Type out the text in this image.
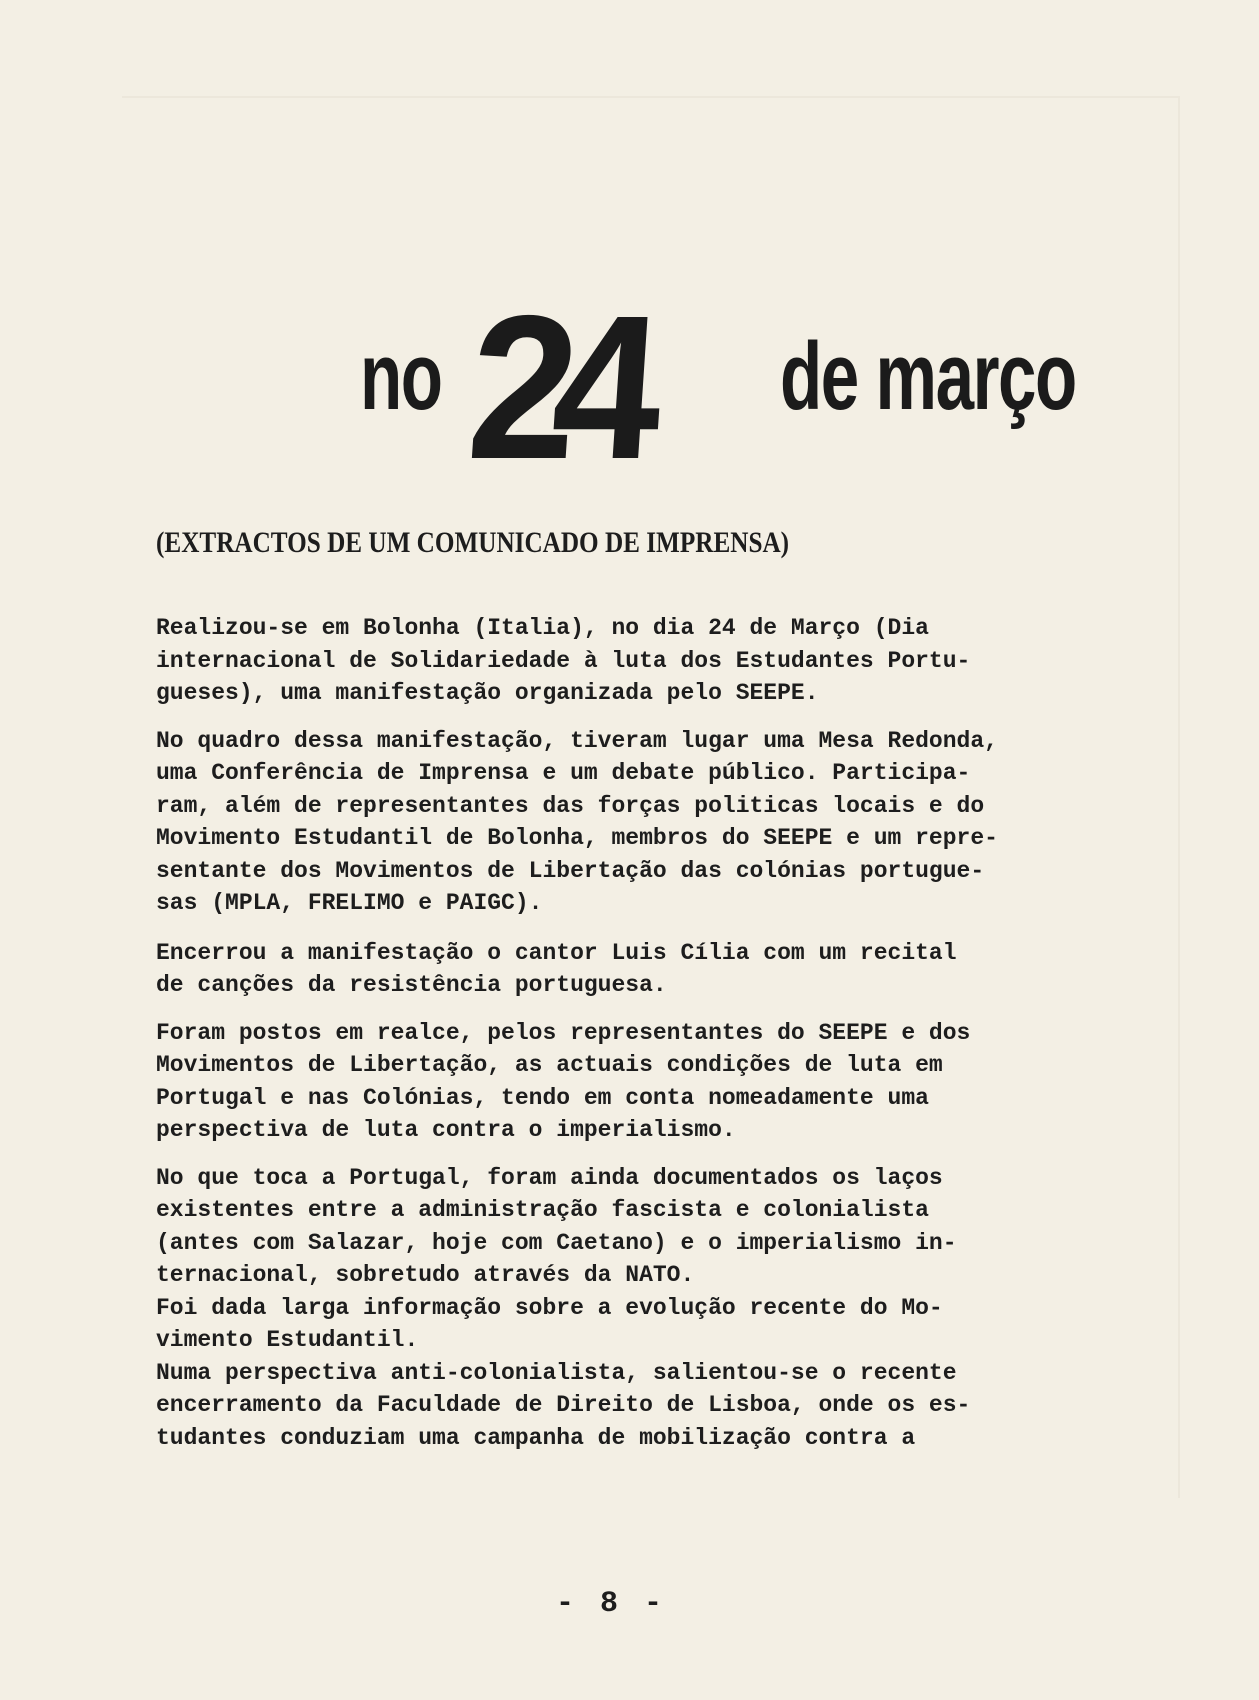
no 24 de março
(EXTRACTOS DE UM COMUNICADO DE IMPRENSA)

Realizou-se em Bolonha (Italia), no dia 24 de Março (Dia
internacional de Solidariedade à luta dos Estudantes Portu-
gueses), uma manifestação organizada pelo SEEPE.

No quadro dessa manifestação, tiveram lugar uma Mesa Redonda,
uma Conferência de Imprensa e um debate público. Participa-
ram, além de representantes das forças politicas locais e do
Movimento Estudantil de Bolonha, membros do SEEPE e um repre-
sentante dos Movimentos de Libertação das colónias portugue-
sas (MPLA, FRELIMO e PAIGC).

Encerrou a manifestação o cantor Luis Cília com um recital
de canções da resistência portuguesa.

Foram postos em realce, pelos representantes do SEEPE e dos
Movimentos de Libertação, as actuais condições de luta em
Portugal e nas Colónias, tendo em conta nomeadamente uma
perspectiva de luta contra o imperialismo.

No que toca a Portugal, foram ainda documentados os laços
existentes entre a administração fascista e colonialista
(antes com Salazar, hoje com Caetano) e o imperialismo in-
ternacional, sobretudo através da NATO.
Foi dada larga informação sobre a evolução recente do Mo-
vimento Estudantil.
Numa perspectiva anti-colonialista, salientou-se o recente
encerramento da Faculdade de Direito de Lisboa, onde os es-
tudantes conduziam uma campanha de mobilização contra a

- 8 -
